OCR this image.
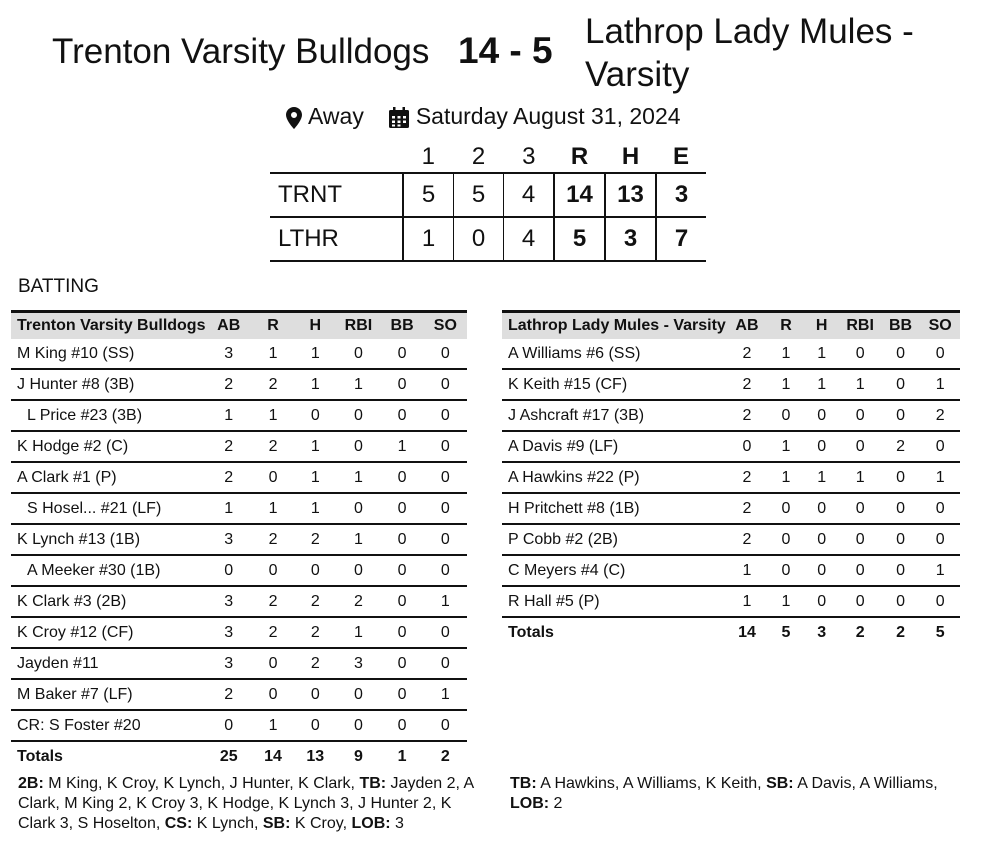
Trenton Varsity Bulldogs 14 - 5 Lathrop Lady Mules - Varsity
Away Saturday August 31, 2024
	1	2	3	R	H	E
TRNT	5	5	4	14	13	3
LTHR	1	0	4	5	3	7
BATTING
Trenton Varsity Bulldogs	AB	R	H	RBI	BB	SO
M King #10 (SS)	3	1	1	0	0	0
J Hunter #8 (3B)	2	2	1	1	0	0
L Price #23 (3B)	1	1	0	0	0	0
K Hodge #2 (C)	2	2	1	0	1	0
A Clark #1 (P)	2	0	1	1	0	0
S Hosel... #21 (LF)	1	1	1	0	0	0
K Lynch #13 (1B)	3	2	2	1	0	0
A Meeker #30 (1B)	0	0	0	0	0	0
K Clark #3 (2B)	3	2	2	2	0	1
K Croy #12 (CF)	3	2	2	1	0	0
Jayden #11	3	0	2	3	0	0
M Baker #7 (LF)	2	0	0	0	0	1
CR: S Foster #20	0	1	0	0	0	0
Totals	25	14	13	9	1	2
Lathrop Lady Mules - Varsity	AB	R	H	RBI	BB	SO
A Williams #6 (SS)	2	1	1	0	0	0
K Keith #15 (CF)	2	1	1	1	0	1
J Ashcraft #17 (3B)	2	0	0	0	0	2
A Davis #9 (LF)	0	1	0	0	2	0
A Hawkins #22 (P)	2	1	1	1	0	1
H Pritchett #8 (1B)	2	0	0	0	0	0
P Cobb #2 (2B)	2	0	0	0	0	0
C Meyers #4 (C)	1	0	0	0	0	1
R Hall #5 (P)	1	1	0	0	0	0
Totals	14	5	3	2	2	5
2B: M King, K Croy, K Lynch, J Hunter, K Clark, TB: Jayden 2, A Clark, M King 2, K Croy 3, K Hodge, K Lynch 3, J Hunter 2, K Clark 3, S Hoselton, CS: K Lynch, SB: K Croy, LOB: 3
TB: A Hawkins, A Williams, K Keith, SB: A Davis, A Williams, LOB: 2
